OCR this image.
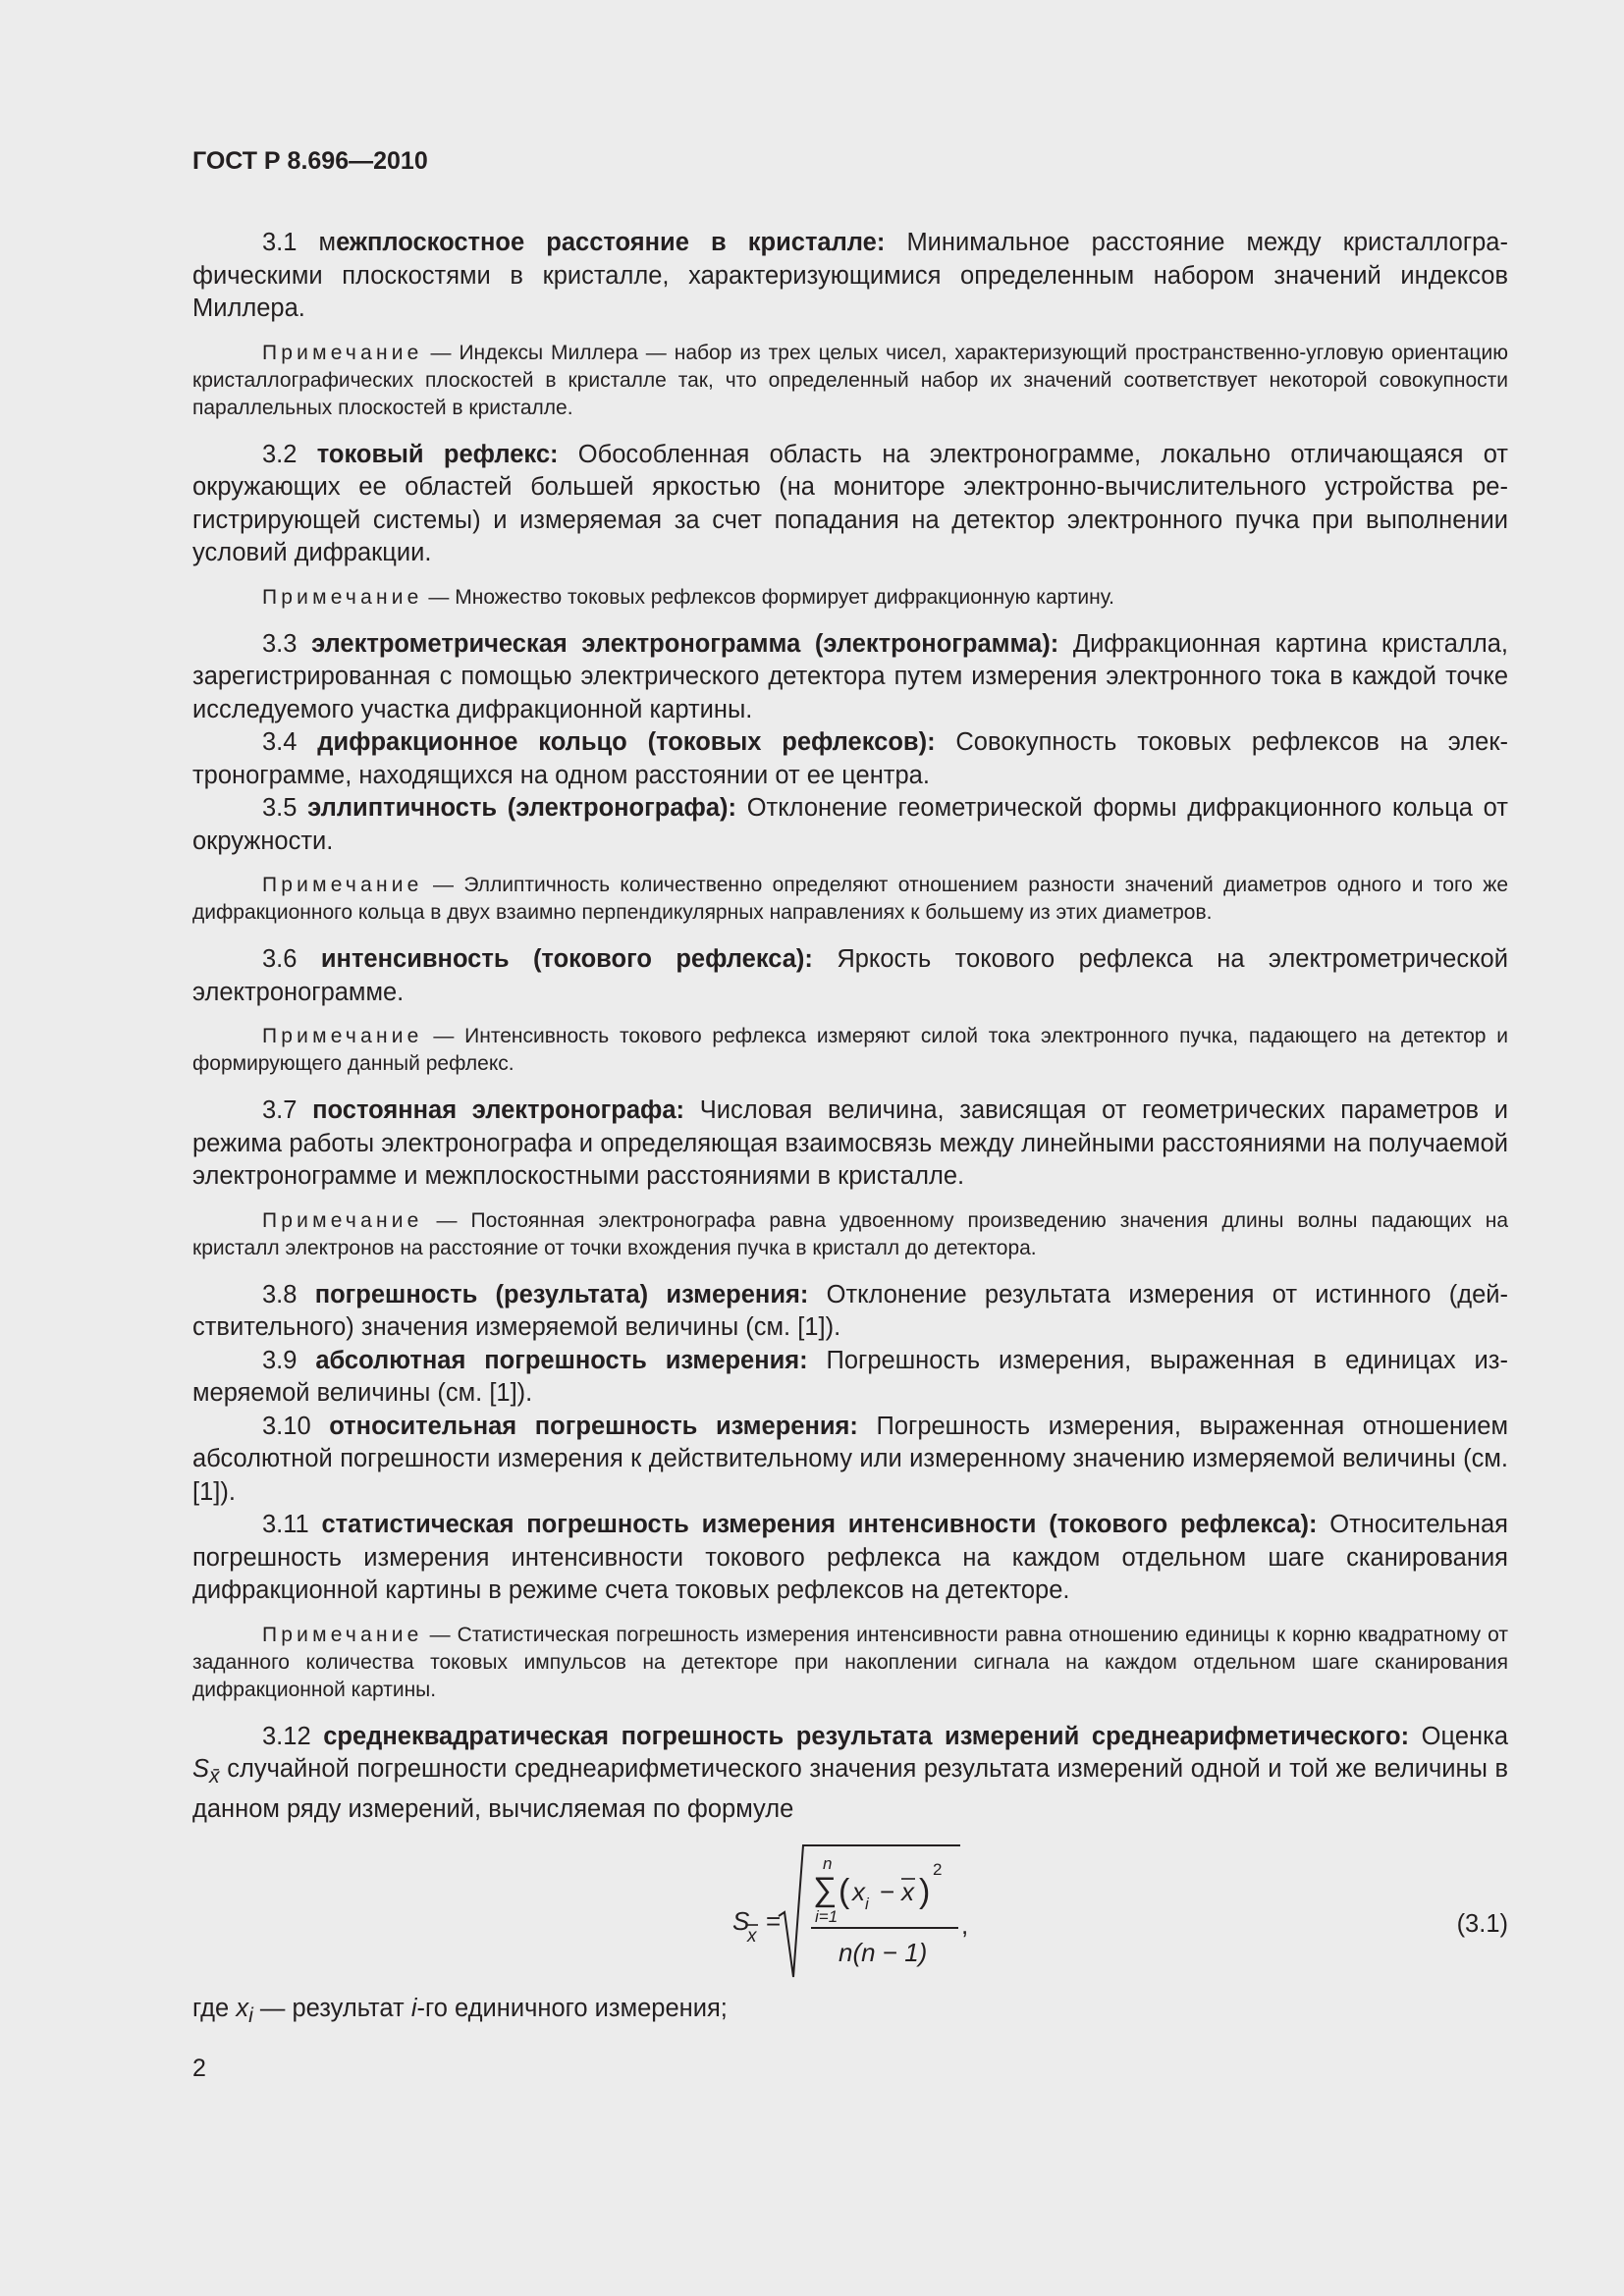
ГОСТ Р 8.696—2010

3.1 межплоскостное расстояние в кристалле: Минимальное расстояние между кристаллографическими плоскостями в кристалле, характеризующимися определенным набором значений индексов Миллера.

Примечание — Индексы Миллера — набор из трех целых чисел, характеризующий пространственно-угловую ориентацию кристаллографических плоскостей в кристалле так, что определенный набор их значений соответствует некоторой совокупности параллельных плоскостей в кристалле.

3.2 токовый рефлекс: Обособленная область на электронограмме, локально отличающаяся от окружающих ее областей большей яркостью (на мониторе электронно-вычислительного устройства регистрирующей системы) и измеряемая за счет попадания на детектор электронного пучка при выполнении условий дифракции.

Примечание — Множество токовых рефлексов формирует дифракционную картину.

3.3 электрометрическая электронограмма (электронограмма): Дифракционная картина кристалла, зарегистрированная с помощью электрического детектора путем измерения электронного тока в каждой точке исследуемого участка дифракционной картины.

3.4 дифракционное кольцо (токовых рефлексов): Совокупность токовых рефлексов на электронограмме, находящихся на одном расстоянии от ее центра.

3.5 эллиптичность (электронографа): Отклонение геометрической формы дифракционного кольца от окружности.

Примечание — Эллиптичность количественно определяют отношением разности значений диаметров одного и того же дифракционного кольца в двух взаимно перпендикулярных направлениях к большему из этих диаметров.

3.6 интенсивность (токового рефлекса): Яркость токового рефлекса на электрометрической электронограмме.

Примечание — Интенсивность токового рефлекса измеряют силой тока электронного пучка, падающего на детектор и формирующего данный рефлекс.

3.7 постоянная электронографа: Числовая величина, зависящая от геометрических параметров и режима работы электронографа и определяющая взаимосвязь между линейными расстояниями на получаемой электронограмме и межплоскостными расстояниями в кристалле.

Примечание — Постоянная электронографа равна удвоенному произведению значения длины волны падающих на кристалл электронов на расстояние от точки вхождения пучка в кристалл до детектора.

3.8 погрешность (результата) измерения: Отклонение результата измерения от истинного (действительного) значения измеряемой величины (см. [1]).

3.9 абсолютная погрешность измерения: Погрешность измерения, выраженная в единицах измеряемой величины (см. [1]).

3.10 относительная погрешность измерения: Погрешность измерения, выраженная отношением абсолютной погрешности измерения к действительному или измеренному значению измеряемой величины (см. [1]).

3.11 статистическая погрешность измерения интенсивности (токового рефлекса): Относительная погрешность измерения интенсивности токового рефлекса на каждом отдельном шаге сканирования дифракционной картины в режиме счета токовых рефлексов на детекторе.

Примечание — Статистическая погрешность измерения интенсивности равна отношению единицы к корню квадратному от заданного количества токовых импульсов на детекторе при накоплении сигнала на каждом отдельном шаге сканирования дифракционной картины.

3.12 среднеквадратическая погрешность результата измерений среднеарифметического: Оценка $S_{x̄}$ случайной погрешности среднеарифметического значения результата измерений одной и той же величины в данном ряду измерений, вычисляемая по формуле

S
x
=
n
∑
i=1
( x i − x )
2
n(n − 1)
,	(3.1)
где $x_i$ — результат i-го единичного измерения;
2
